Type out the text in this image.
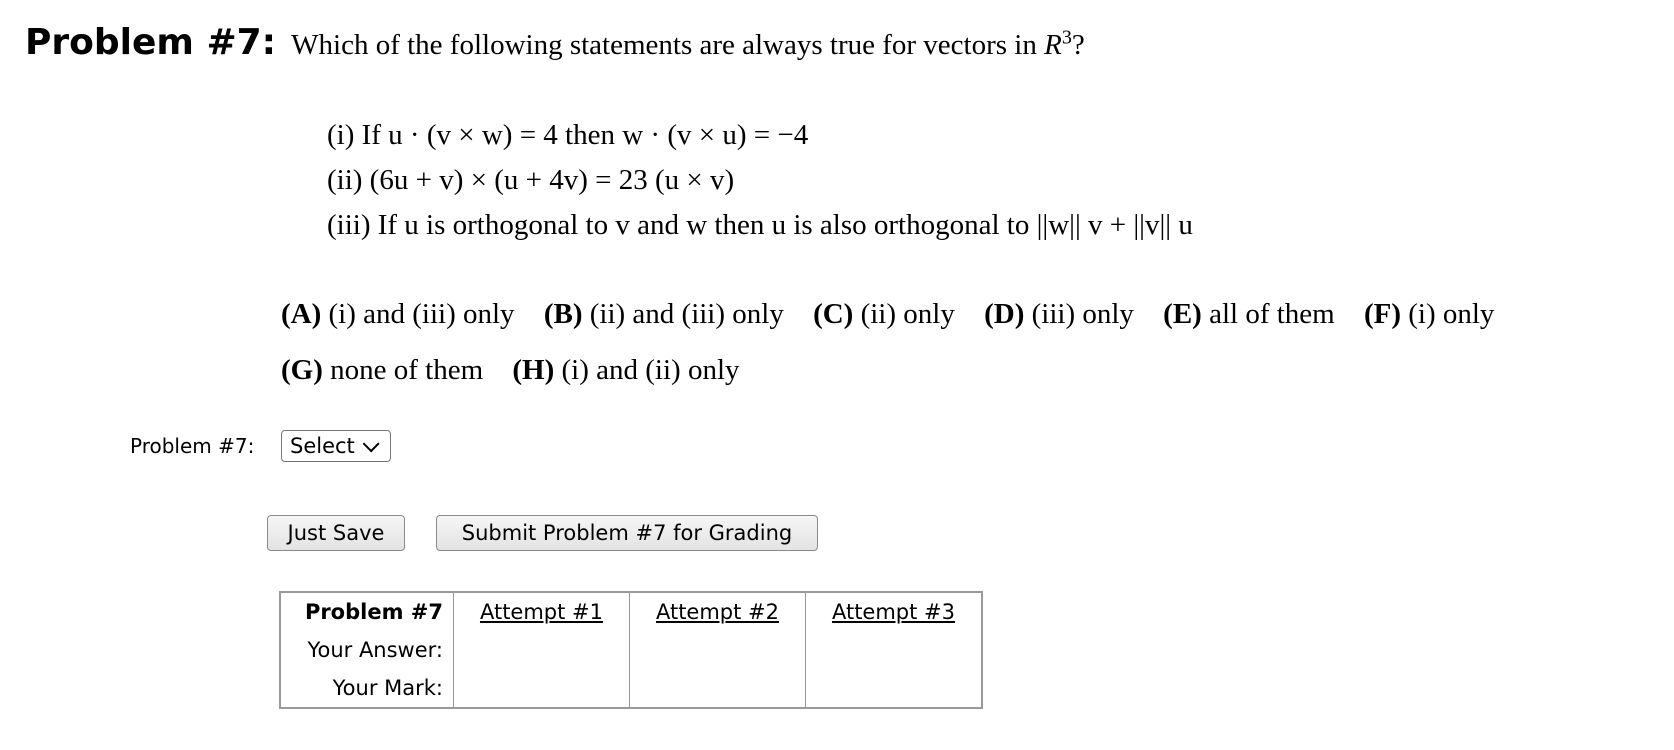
Problem #7: Which of the following statements are always true for vectors in $R^3$?
(i) If u · (v × w) = 4 then w · (v × u) = −4
(ii) (6u + v) × (u + 4v) = 23 (u × v)
(iii) If u is orthogonal to v and w then u is also orthogonal to ||w|| v + ||v|| u
(A) (i) and (iii) only (B) (ii) and (iii) only (C) (ii) only (D) (iii) only (E) all of them (F) (i) only
(G) none of them (H) (i) and (ii) only
Problem #7: Select
Just Save	Submit Problem #7 for Grading
Problem #7	Attempt #1	Attempt #2	Attempt #3
Your Answer:			
Your Mark:			
